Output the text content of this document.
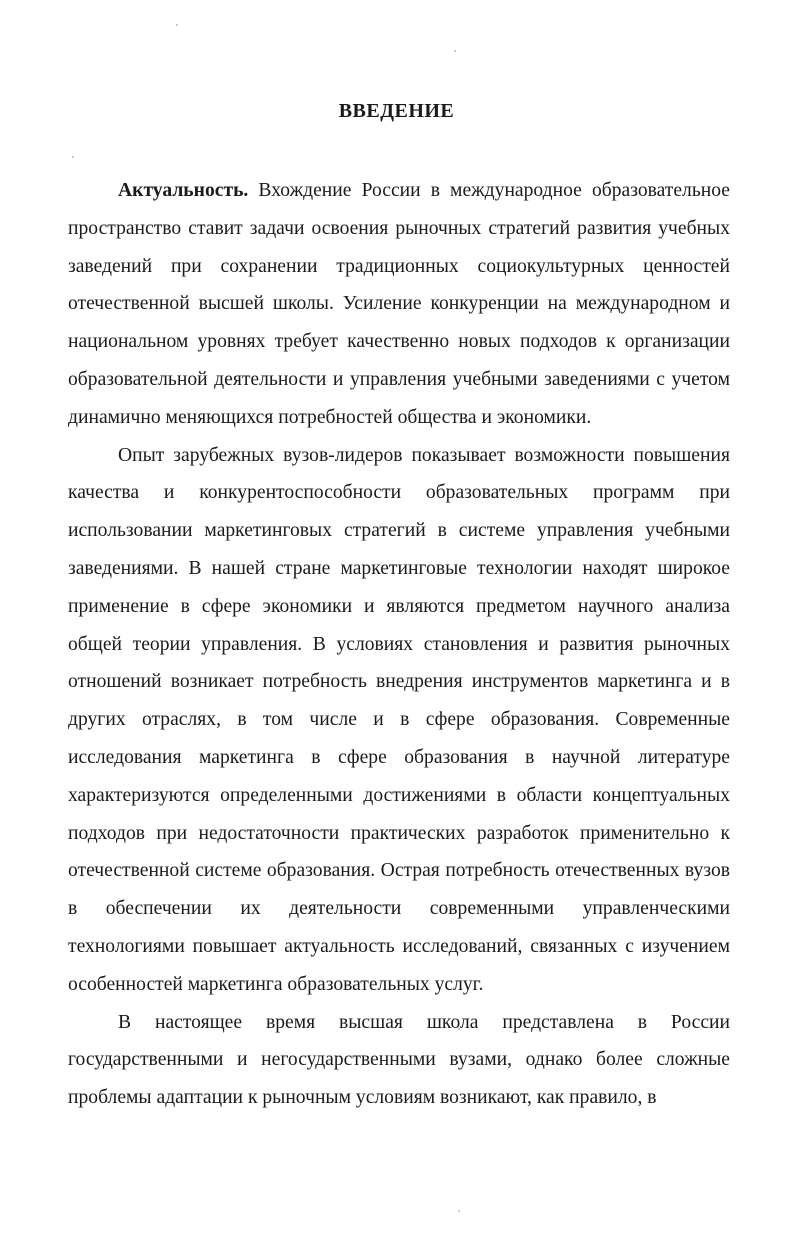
ВВЕДЕНИЕ

Актуальность. Вхождение России в международное образовательное пространство ставит задачи освоения рыночных стратегий развития учебных заведений при сохранении традиционных социокультурных ценностей отечественной высшей школы. Усиление конкуренции на международном и национальном уровнях требует качественно новых подходов к организации образовательной деятельности и управления учебными заведениями с учетом динамично меняющихся потребностей общества и экономики.

Опыт зарубежных вузов-лидеров показывает возможности повышения качества и конкурентоспособности образовательных программ при использовании маркетинговых стратегий в системе управления учебными заведениями. В нашей стране маркетинговые технологии находят широкое применение в сфере экономики и являются предметом научного анализа общей теории управления. В условиях становления и развития рыночных отношений возникает потребность внедрения инструментов маркетинга и в других отраслях, в том числе и в сфере образования. Современные исследования маркетинга в сфере образования в научной литературе характеризуются определенными достижениями в области концептуальных подходов при недостаточности практических разработок применительно к отечественной системе образования. Острая потребность отечественных вузов в обеспечении их деятельности современными управленческими технологиями повышает актуальность исследований, связанных с изучением особенностей маркетинга образовательных услуг.

В настоящее время высшая школа представлена в России государственными и негосударственными вузами, однако более сложные проблемы адаптации к рыночным условиям возникают, как правило, в
